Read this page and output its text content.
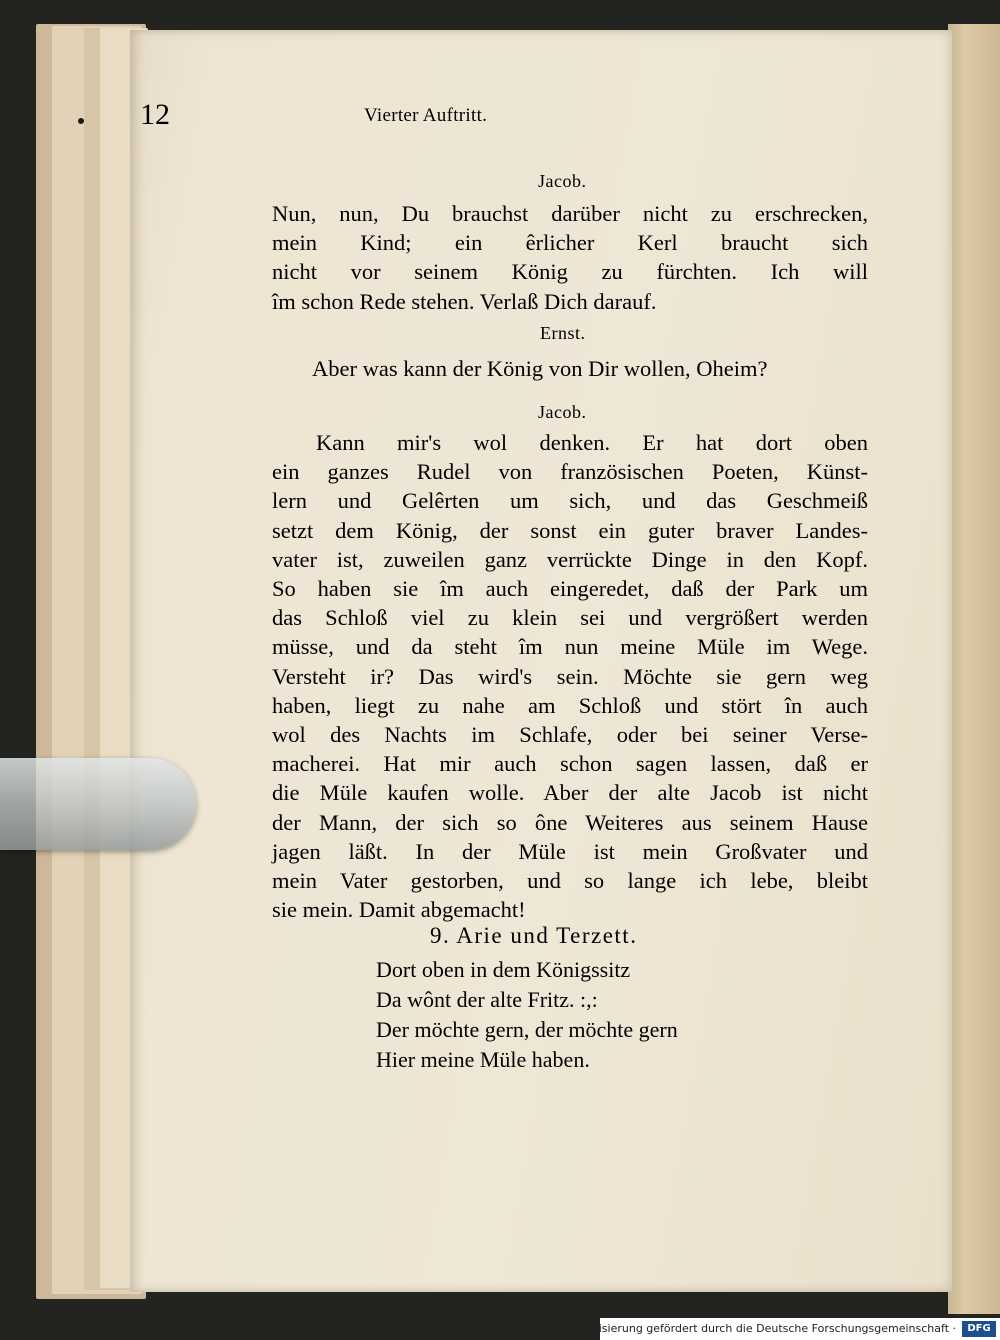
12	Vierter Auftritt.
Jacob.
Nun, nun, Du brauchst darüber nicht zu erschrecken,
mein Kind; ein êrlicher Kerl braucht sich
nicht vor seinem König zu fürchten. Ich will
îm schon Rede stehen. Verlaß Dich darauf.
Ernst.
Aber was kann der König von Dir wollen, Oheim?
Jacob.
Kann mir's wol denken. Er hat dort oben
ein ganzes Rudel von französischen Poeten, Künst-
lern und Gelêrten um sich, und das Geschmeiß
setzt dem König, der sonst ein guter braver Landes-
vater ist, zuweilen ganz verrückte Dinge in den Kopf.
So haben sie îm auch eingeredet, daß der Park um
das Schloß viel zu klein sei und vergrößert werden
müsse, und da steht îm nun meine Müle im Wege.
Versteht ir? Das wird's sein. Möchte sie gern weg
haben, liegt zu nahe am Schloß und stört în auch
wol des Nachts im Schlafe, oder bei seiner Verse-
macherei. Hat mir auch schon sagen lassen, daß er
die Müle kaufen wolle. Aber der alte Jacob ist nicht
der Mann, der sich so ône Weiteres aus seinem Hause
jagen läßt. In der Müle ist mein Großvater und
mein Vater gestorben, und so lange ich lebe, bleibt
sie mein. Damit abgemacht!
9. Arie und Terzett.
Dort oben in dem Königssitz
Da wônt der alte Fritz. :,:
Der möchte gern, der möchte gern
Hier meine Müle haben.
Digitalisierung gefördert durch die Deutsche Forschungsgemeinschaft ·	DFG
